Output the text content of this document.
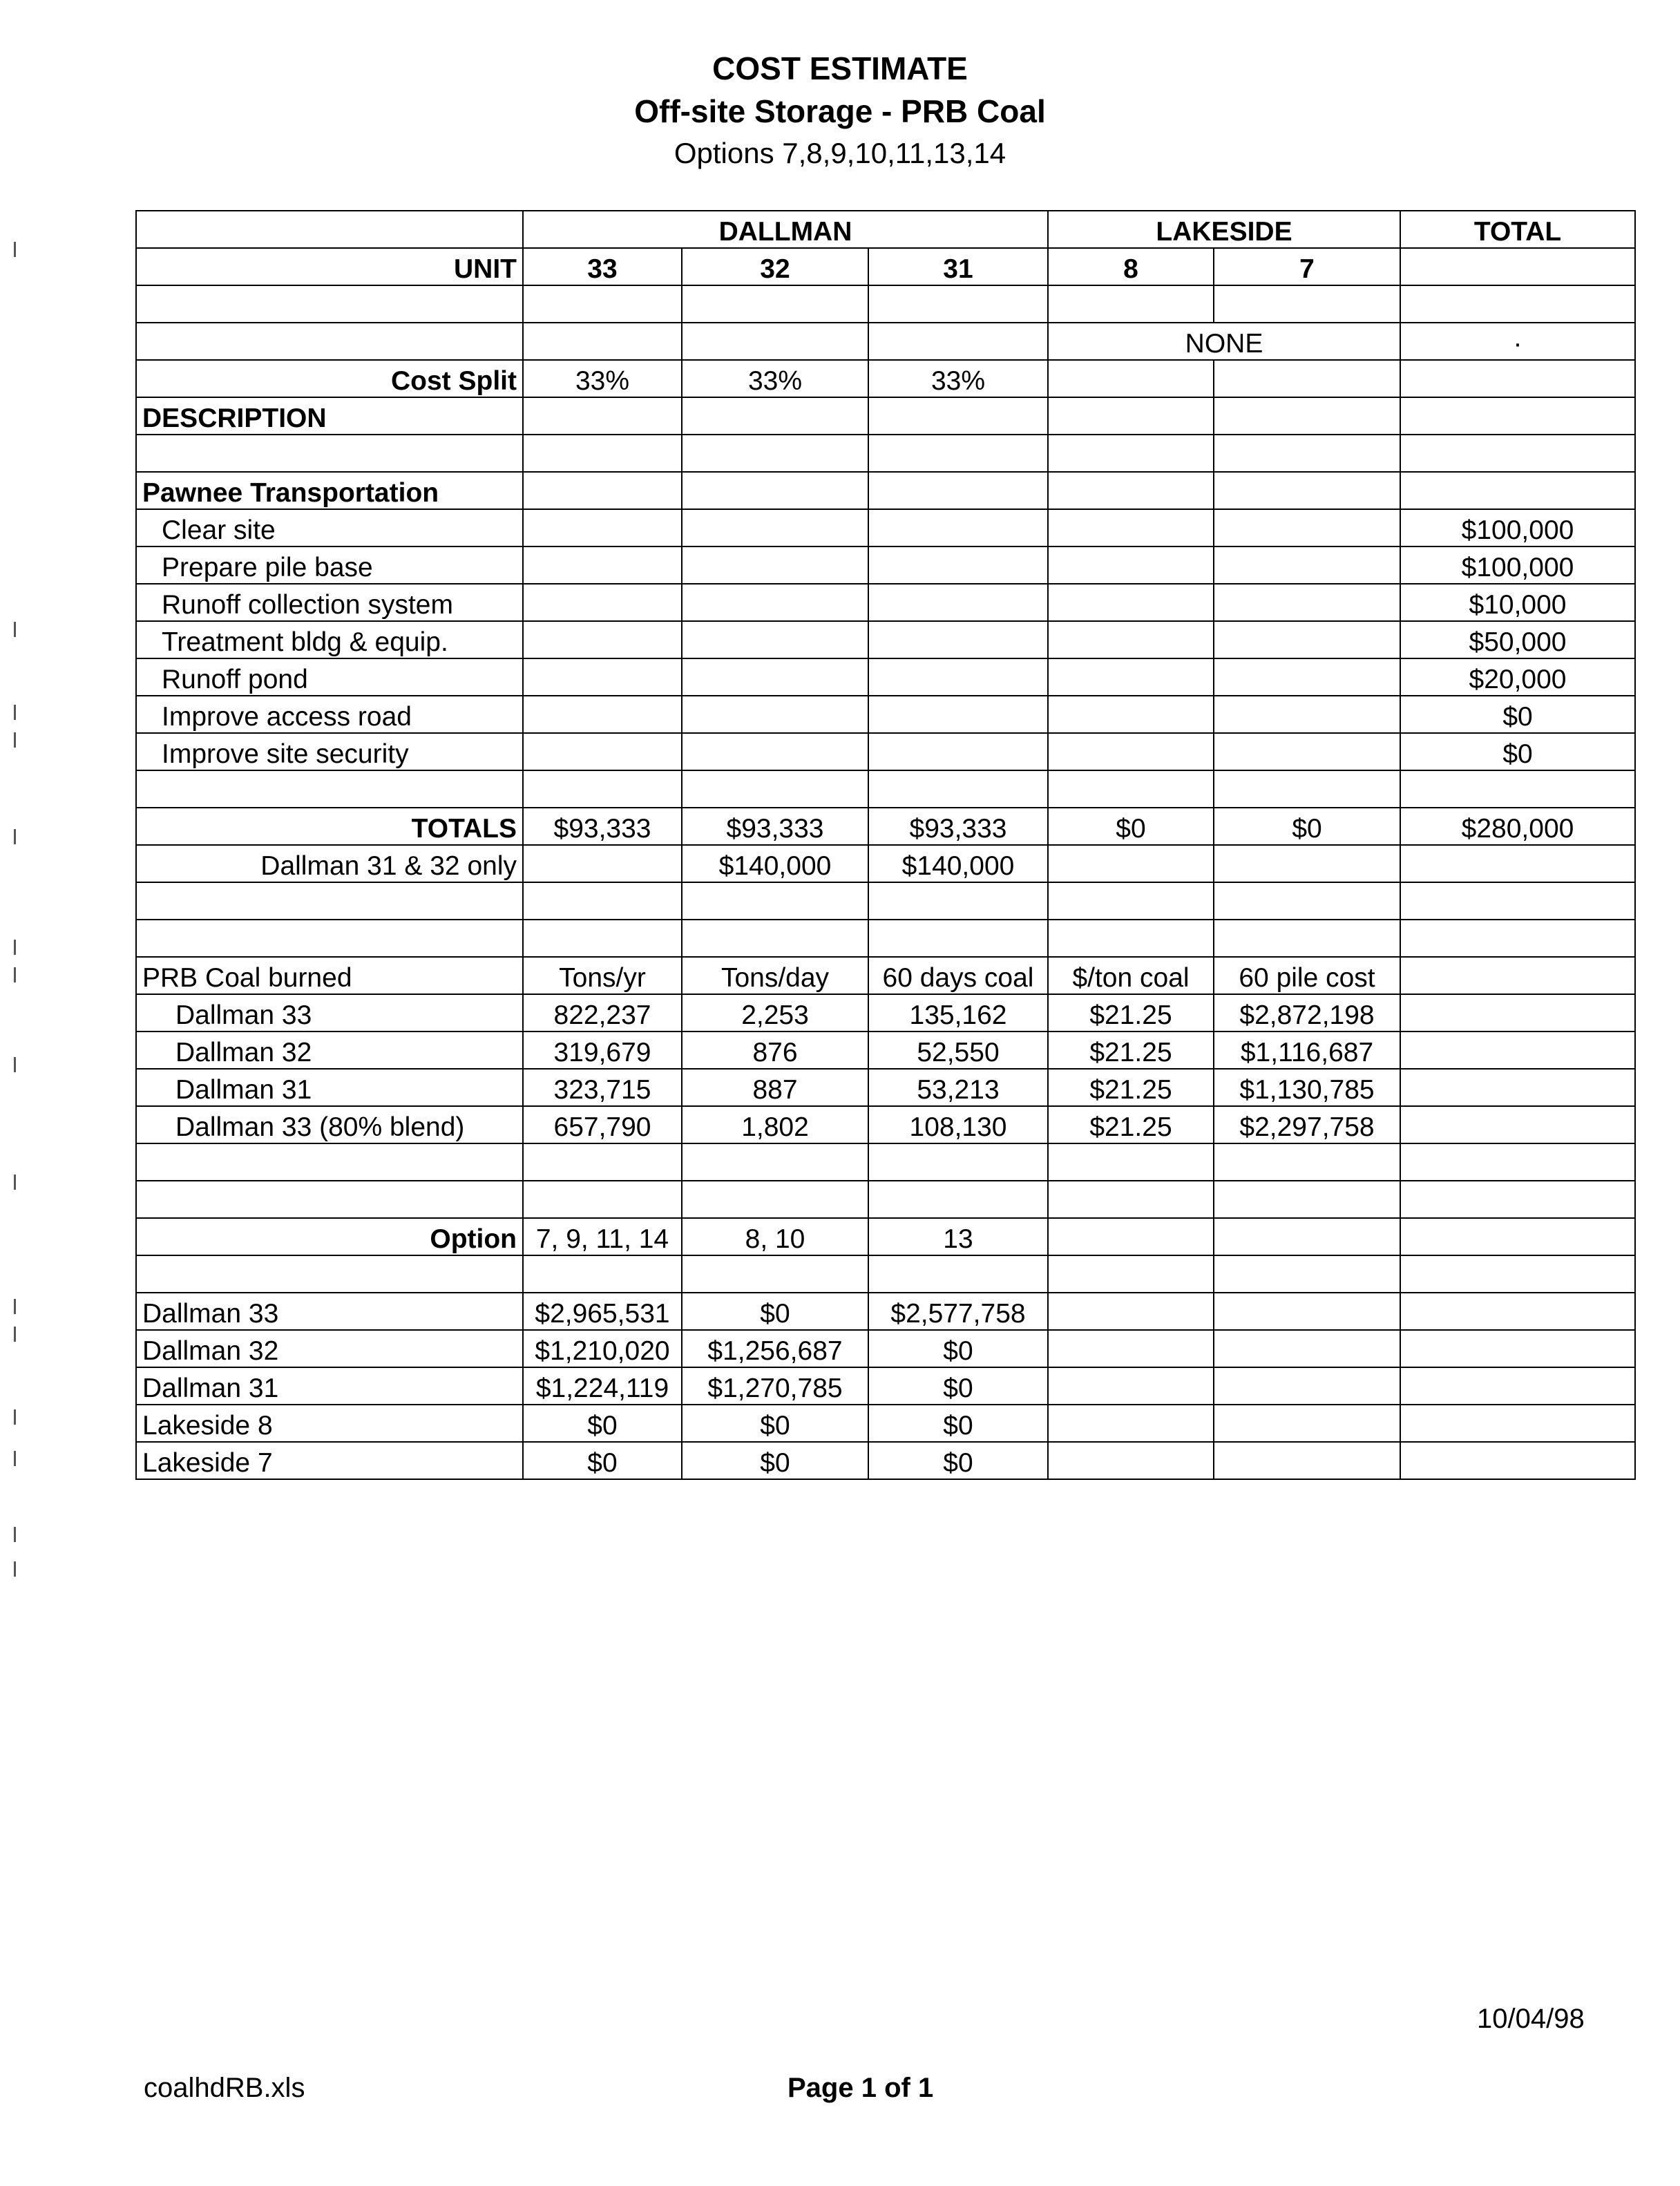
COST ESTIMATE
Off-site Storage - PRB Coal
Options 7,8,9,10,11,13,14
	DALLMAN			LAKESIDE		TOTAL
UNIT	33	32	31	8	7	

				NONE		·
Cost Split	33%	33%	33%			
DESCRIPTION						

Pawnee Transportation						
Clear site						$100,000
Prepare pile base						$100,000
Runoff collection system						$10,000
Treatment bldg & equip.						$50,000
Runoff pond						$20,000
Improve access road						$0
Improve site security						$0

TOTALS	$93,333	$93,333	$93,333	$0	$0	$280,000
Dallman 31 & 32 only		$140,000	$140,000			

PRB Coal burned	Tons/yr	Tons/day	60 days coal	$/ton coal	60 pile cost	
Dallman 33	822,237	2,253	135,162	$21.25	$2,872,198	
Dallman 32	319,679	876	52,550	$21.25	$1,116,687	
Dallman 31	323,715	887	53,213	$21.25	$1,130,785	
Dallman 33 (80% blend)	657,790	1,802	108,130	$21.25	$2,297,758	

Option	7, 9, 11, 14	8, 10	13			

Dallman 33	$2,965,531	$0	$2,577,758			
Dallman 32	$1,210,020	$1,256,687	$0			
Dallman 31	$1,224,119	$1,270,785	$0			
Lakeside 8	$0	$0	$0			
Lakeside 7	$0	$0	$0			
coalhdRB.xls	Page 1 of 1
10/04/98
